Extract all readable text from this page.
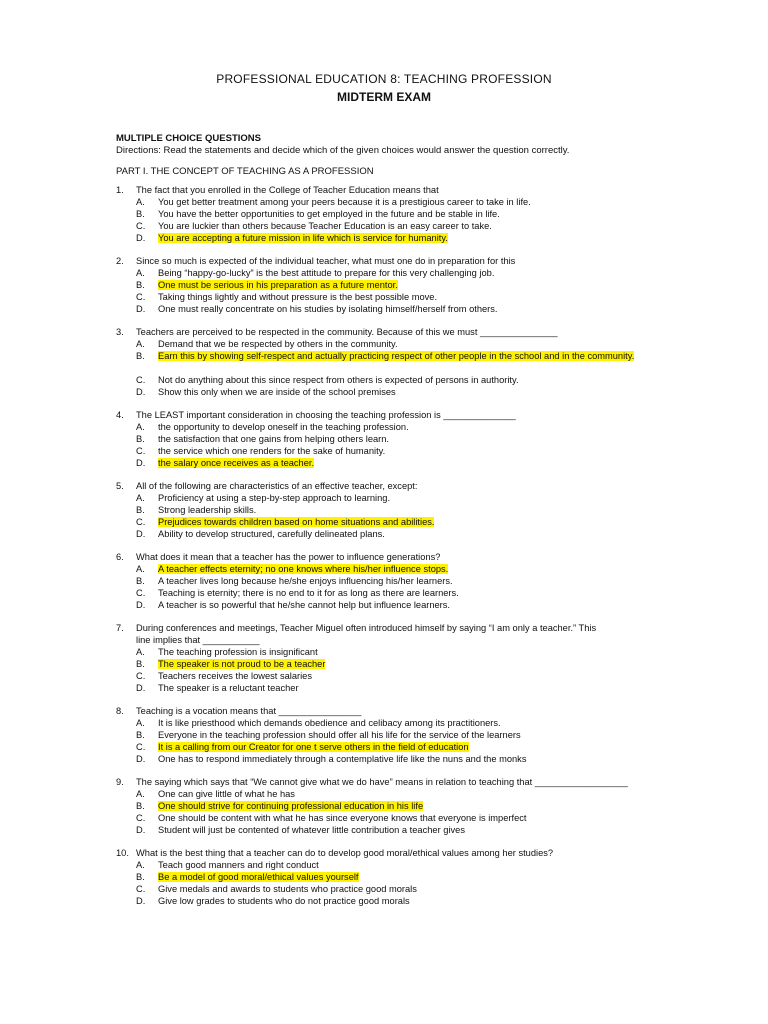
PROFESSIONAL EDUCATION 8: TEACHING PROFESSION
MIDTERM EXAM
MULTIPLE CHOICE QUESTIONS
Directions: Read the statements and decide which of the given choices would answer the question correctly.
PART I. THE CONCEPT OF TEACHING AS A PROFESSION
1.	The fact that you enrolled in the College of Teacher Education means that
A.	You get better treatment among your peers because it is a prestigious career to take in life.
B.	You have the better opportunities to get employed in the future and be stable in life.
C.	You are luckier than others because Teacher Education is an easy career to take.
D.	You are accepting a future mission in life which is service for humanity.
2.	Since so much is expected of the individual teacher, what must one do in preparation for this
A.	Being “happy-go-lucky” is the best attitude to prepare for this very challenging job.
B.	One must be serious in his preparation as a future mentor.
C.	Taking things lightly and without pressure is the best possible move.
D.	One must really concentrate on his studies by isolating himself/herself from others.
3.	Teachers are perceived to be respected in the community. Because of this we must _______________
A.	Demand that we be respected by others in the community.
B.	Earn this by showing self-respect and actually practicing respect of other people in the school and in the community.
C.	Not do anything about this since respect from others is expected of persons in authority.
D.	Show this only when we are inside of the school premises
4.	The LEAST important consideration in choosing the teaching profession is ______________
A.	the opportunity to develop oneself in the teaching profession.
B.	the satisfaction that one gains from helping others learn.
C.	the service which one renders for the sake of humanity.
D.	the salary once receives as a teacher.
5.	All of the following are characteristics of an effective teacher, except:
A.	Proficiency at using a step-by-step approach to learning.
B.	Strong leadership skills.
C.	Prejudices towards children based on home situations and abilities.
D.	Ability to develop structured, carefully delineated plans.
6.	What does it mean that a teacher has the power to influence generations?
A.	A teacher effects eternity; no one knows where his/her influence stops.
B.	A teacher lives long because he/she enjoys influencing his/her learners.
C.	Teaching is eternity; there is no end to it for as long as there are learners.
D.	A teacher is so powerful that he/she cannot help but influence learners.
7.	During conferences and meetings, Teacher Miguel often introduced himself by saying “I am only a teacher.” This line implies that ___________
A.	The teaching profession is insignificant
B.	The speaker is not proud to be a teacher
C.	Teachers receives the lowest salaries
D.	The speaker is a reluctant teacher
8.	Teaching is a vocation means that ________________
A.	It is like priesthood which demands obedience and celibacy among its practitioners.
B.	Everyone in the teaching profession should offer all his life for the service of the learners
C.	It is a calling from our Creator for one t serve others in the field of education
D.	One has to respond immediately through a contemplative life like the nuns and the monks
9.	The saying which says that “We cannot give what we do have” means in relation to teaching that __________________
A.	One can give little of what he has
B.	One should strive for continuing professional education in his life
C.	One should be content with what he has since everyone knows that everyone is imperfect
D.	Student will just be contented of whatever little contribution a teacher gives
10. What is the best thing that a teacher can do to develop good moral/ethical values among her studies?
A.	Teach good manners and right conduct
B.	Be a model of good moral/ethical values yourself
C.	Give medals and awards to students who practice good morals
D.	Give low grades to students who do not practice good morals
